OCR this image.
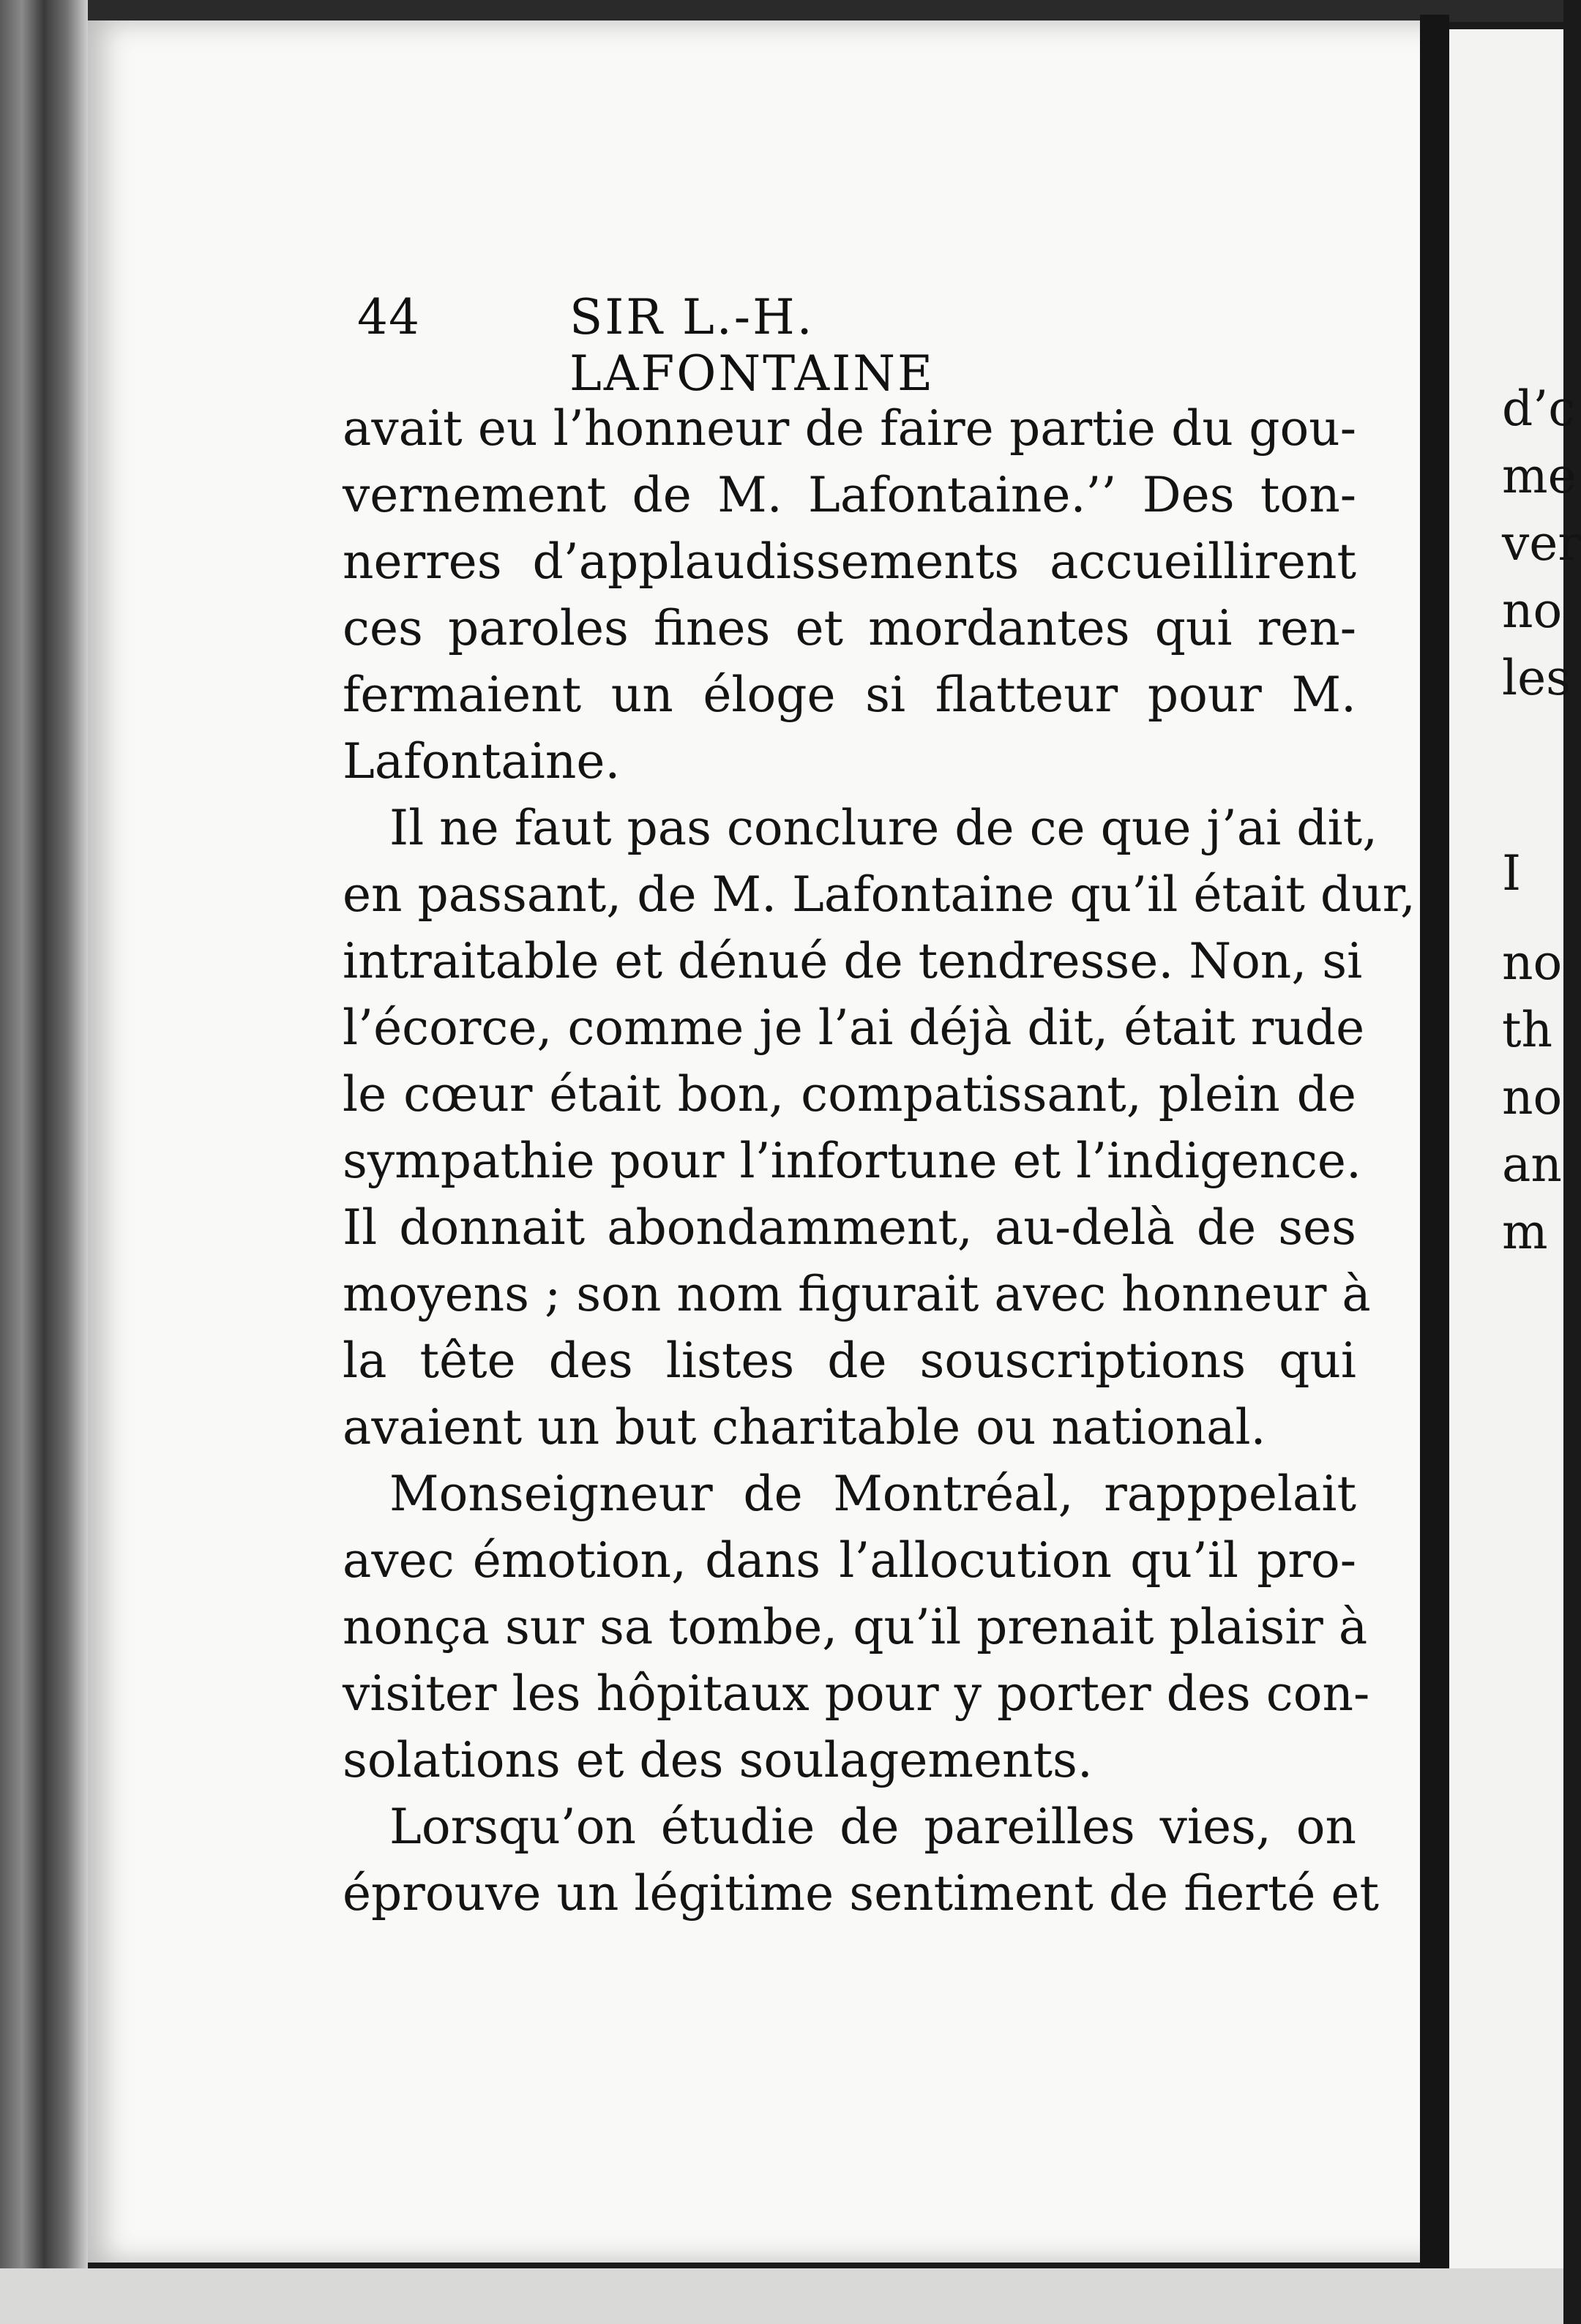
44	SIR L.-H. LAFONTAINE
avait eu l’honneur de faire partie du gou-
vernement de M. Lafontaine.’’ Des ton-
nerres d’applaudissements accueillirent
ces paroles fines et mordantes qui ren-
fermaient un éloge si flatteur pour M.
Lafontaine.
Il ne faut pas conclure de ce que j’ai dit,
en passant, de M. Lafontaine qu’il était dur,
intraitable et dénué de tendresse. Non, si
l’écorce, comme je l’ai déjà dit, était rude
le cœur était bon, compatissant, plein de
sympathie pour l’infortune et l’indigence.
Il donnait abondamment, au-delà de ses
moyens ; son nom figurait avec honneur à
la tête des listes de souscriptions qui
avaient un but charitable ou national.
Monseigneur de Montréal, rapppelait
avec émotion, dans l’allocution qu’il pro-
nonça sur sa tombe, qu’il prenait plaisir à
visiter les hôpitaux pour y porter des con-
solations et des soulagements.
Lorsqu’on étudie de pareilles vies, on
éprouve un légitime sentiment de fierté et
d’c
me
ver
no
les
I
no
th
no
an
m
